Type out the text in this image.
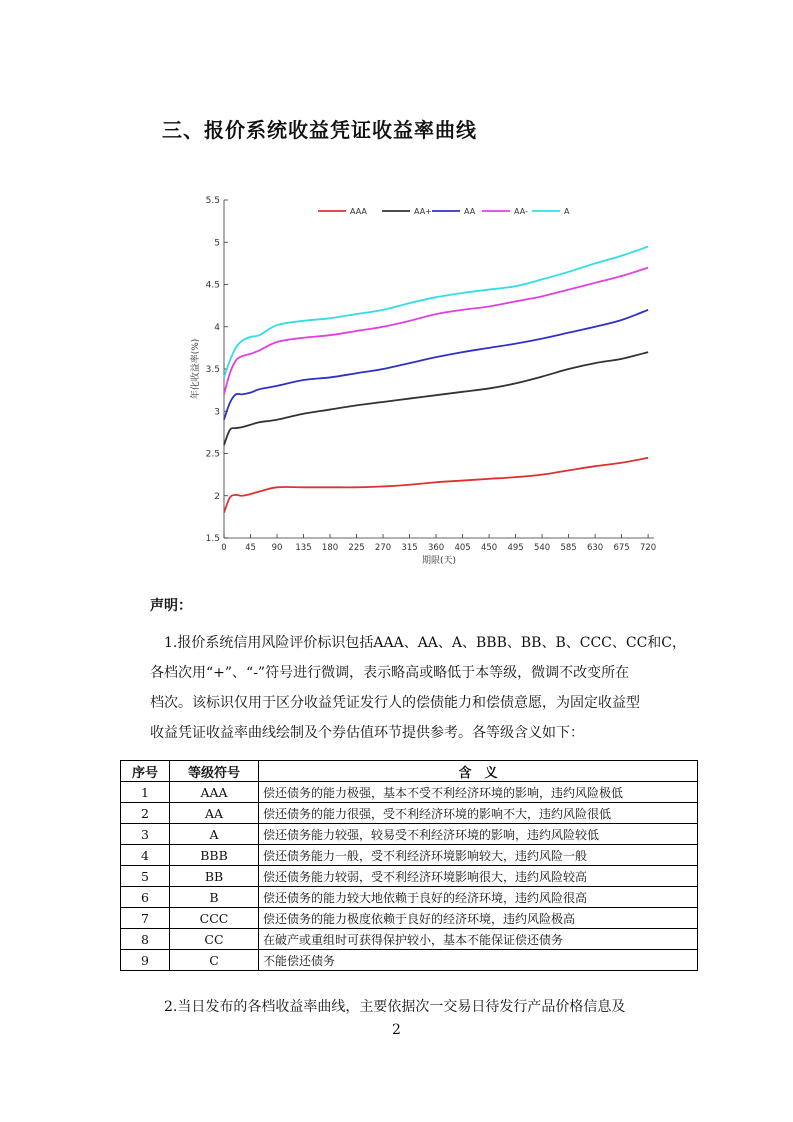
三、报价系统收益凭证收益率曲线
1.5
2
2.5
3
3.5
4
4.5
5
5.5
0 45 90 135 180 225 270 315 360 405 450 495 540 585 630 675 720
期限(天)
年化收益率(%)
AAA	AA+	AA	AA-	A
声明：
1.报价系统信用风险评价标识包括AAA、AA、A、BBB、BB、B、CCC、CC和C，
各档次用“+”、“-”符号进行微调，表示略高或略低于本等级，微调不改变所在
档次。该标识仅用于区分收益凭证发行人的偿债能力和偿债意愿，为固定收益型
收益凭证收益率曲线绘制及个券估值环节提供参考。各等级含义如下：
序号	等级符号	含　义
1	AAA	偿还债务的能力极强，基本不受不利经济环境的影响，违约风险极低
2	AA	偿还债务的能力很强，受不利经济环境的影响不大，违约风险很低
3	A	偿还债务能力较强，较易受不利经济环境的影响，违约风险较低
4	BBB	偿还债务能力一般，受不利经济环境影响较大，违约风险一般
5	BB	偿还债务能力较弱，受不利经济环境影响很大，违约风险较高
6	B	偿还债务的能力较大地依赖于良好的经济环境，违约风险很高
7	CCC	偿还债务的能力极度依赖于良好的经济环境，违约风险极高
8	CC	在破产或重组时可获得保护较小，基本不能保证偿还债务
9	C	不能偿还债务
2.当日发布的各档收益率曲线，主要依据次一交易日待发行产品价格信息及
2
